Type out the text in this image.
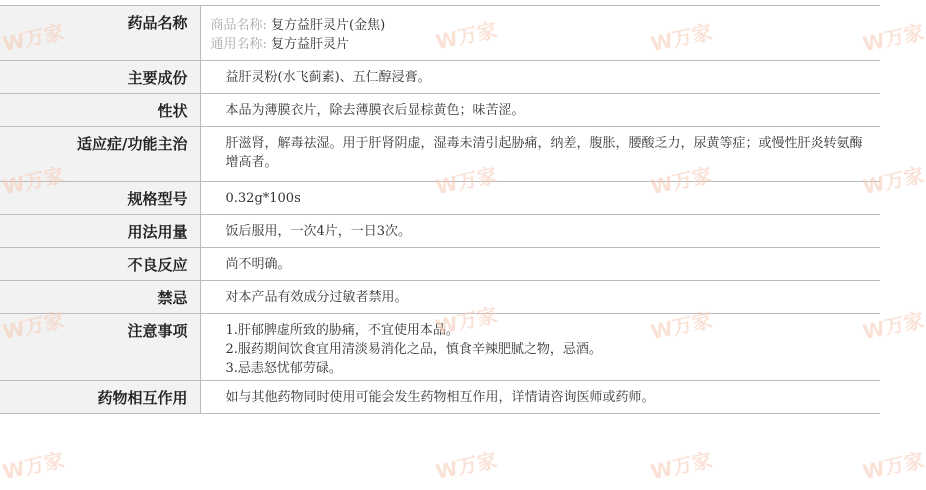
药品名称	商品名称: 复方益肝灵片(金焦)
通用名称: 复方益肝灵片

主要成份	益肝灵粉(水飞蓟素)、五仁醇浸膏。
性状	本品为薄膜衣片，除去薄膜衣后显棕黄色；味苦涩。
适应症/功能主治	肝滋肾，解毒祛湿。用于肝肾阴虚，湿毒未清引起胁痛，纳差，腹胀，腰酸乏力，尿黄等症；或慢性肝炎转氨酶增高者。
规格型号	0.32g*100s
用法用量	饭后服用，一次4片，一日3次。
不良反应	尚不明确。
禁忌	对本产品有效成分过敏者禁用。
注意事项	1.肝郁脾虚所致的胁痛，不宜使用本品。
2.服药期间饮食宜用清淡易消化之品，慎食辛辣肥腻之物，忌酒。
3.忌恚怒忧郁劳碌。

药物相互作用	如与其他药物同时使用可能会发生药物相互作用，详情请咨询医师或药师。
W万家	W万家	W万家	W万家
W万家	W万家	W万家	W万家
W万家	W万家	W万家	W万家
W万家	W万家	W万家	W万家
